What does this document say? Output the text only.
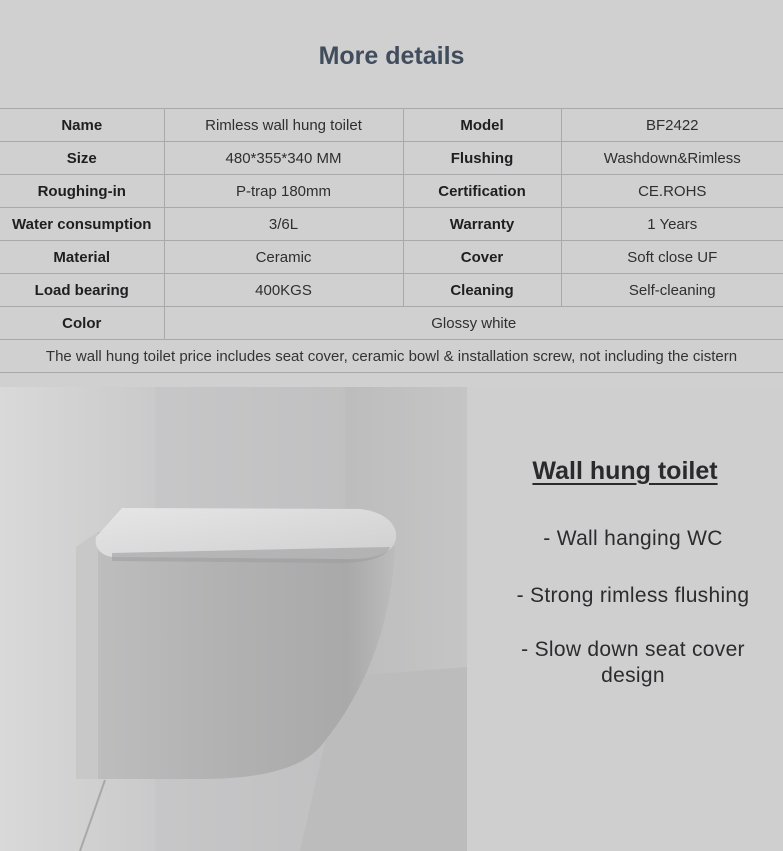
More details
Name	Rimless wall hung toilet	Model	BF2422
Size	480*355*340 MM	Flushing	Washdown&Rimless
Roughing-in	P-trap 180mm	Certification	CE.ROHS
Water consumption	3/6L	Warranty	1 Years
Material	Ceramic	Cover	Soft close UF
Load bearing	400KGS	Cleaning	Self-cleaning
Color	Glossy white		
The wall hung toilet price includes seat cover, ceramic bowl & installation screw, not including the cistern			
Wall hung toilet
- Wall hanging WC
- Strong rimless flushing
- Slow down seat cover design
